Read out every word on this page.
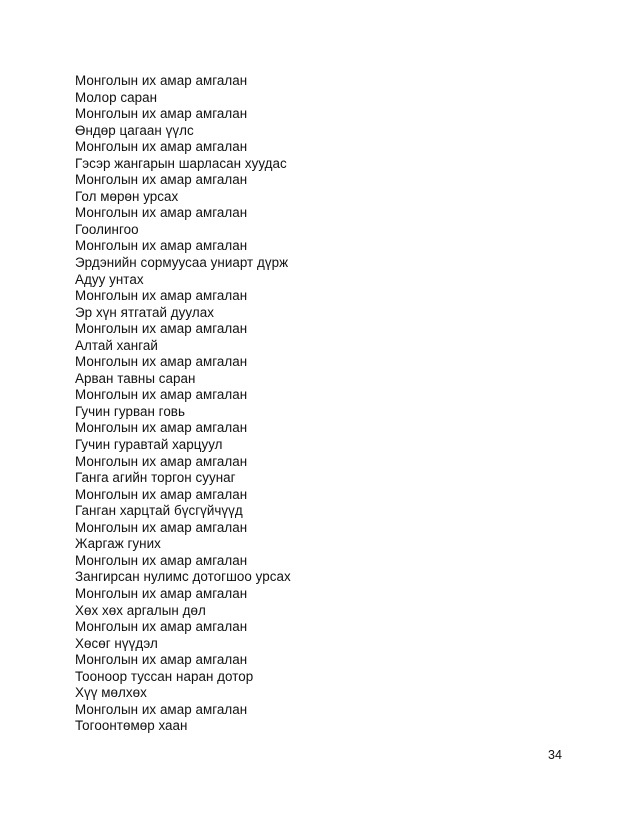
Монголын их амар амгалан
Молор саран
Монголын их амар амгалан
Өндөр цагаан үүлс
Монголын их амар амгалан
Гэсэр жангарын шарласан хуудас
Монголын их амар амгалан
Гол мөрөн урсах
Монголын их амар амгалан
Гоолингоо
Монголын их амар амгалан
Эрдэнийн сормуусаа униарт дүрж
Адуу унтах
Монголын их амар амгалан
Эр хүн ятгатай дуулах
Монголын их амар амгалан
Алтай хангай
Монголын их амар амгалан
Арван тавны саран
Монголын их амар амгалан
Гучин гурван говь
Монголын их амар амгалан
Гучин гуравтай харцуул
Монголын их амар амгалан
Ганга агийн торгон суунаг
Монголын их амар амгалан
Ганган харцтай бүсгүйчүүд
Монголын их амар амгалан
Жаргаж гуних
Монголын их амар амгалан
Зангирсан нулимс дотогшоо урсах
Монголын их амар амгалан
Хөх хөх аргалын дөл
Монголын их амар амгалан
Хөсөг нүүдэл
Монголын их амар амгалан
Тооноор туссан наран дотор
Хүү мөлхөх
Монголын их амар амгалан
Тогоонтөмөр хаан
34
